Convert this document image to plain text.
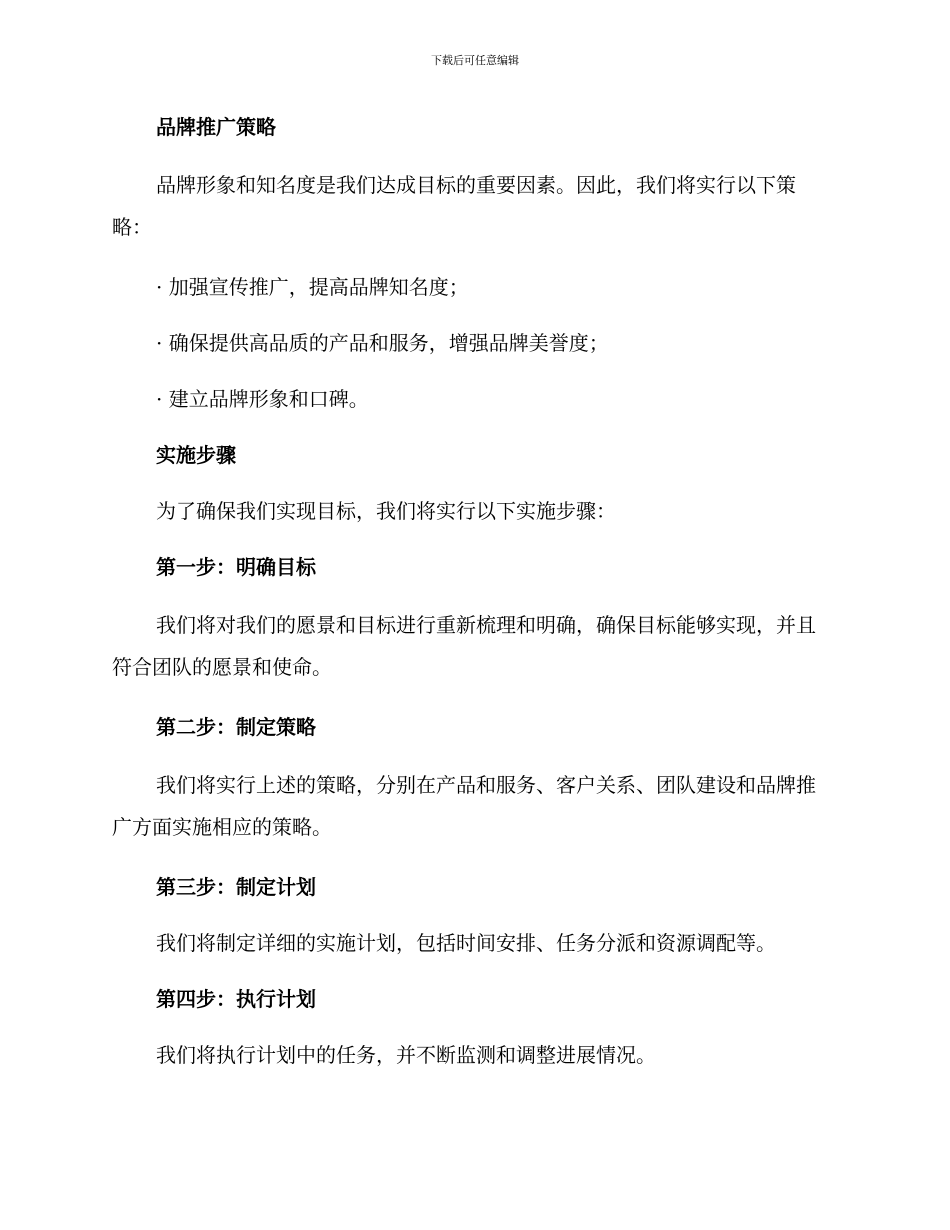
下载后可任意编辑
品牌推广策略

品牌形象和知名度是我们达成目标的重要因素。因此，我们将实行以下策略：

· 加强宣传推广，提高品牌知名度；

· 确保提供高品质的产品和服务，增强品牌美誉度；

· 建立品牌形象和口碑。

实施步骤

为了确保我们实现目标，我们将实行以下实施步骤：

第一步：明确目标

我们将对我们的愿景和目标进行重新梳理和明确，确保目标能够实现，并且符合团队的愿景和使命。

第二步：制定策略

我们将实行上述的策略，分别在产品和服务、客户关系、团队建设和品牌推广方面实施相应的策略。

第三步：制定计划

我们将制定详细的实施计划，包括时间安排、任务分派和资源调配等。

第四步：执行计划

我们将执行计划中的任务，并不断监测和调整进展情况。
